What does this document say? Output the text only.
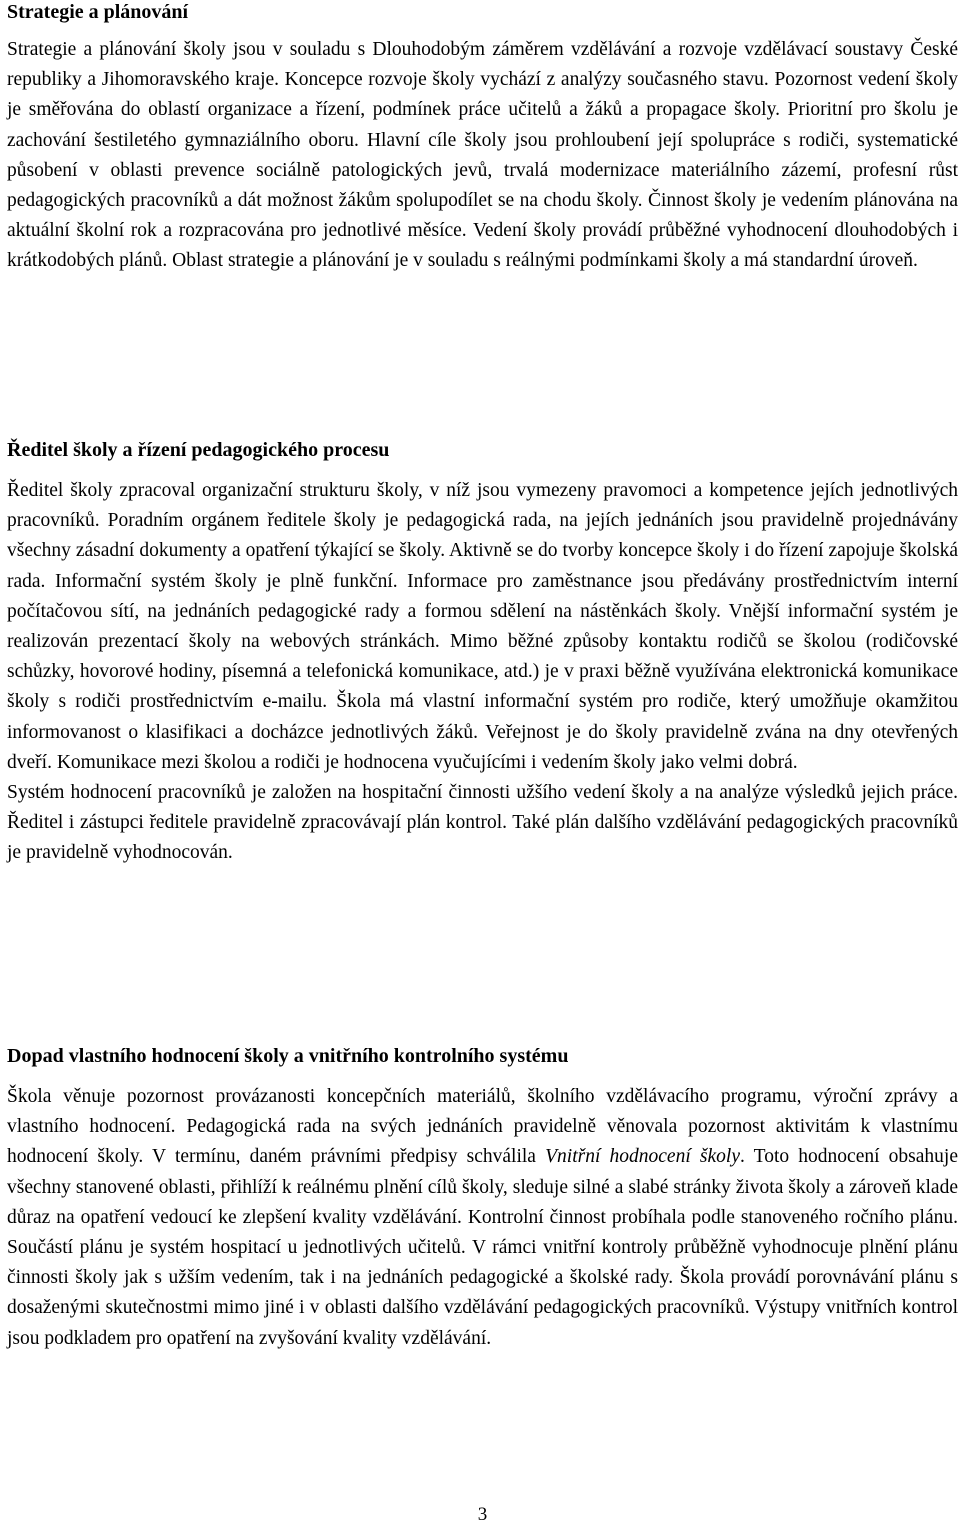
Strategie a plánování

Strategie a plánování školy jsou v souladu s Dlouhodobým záměrem vzdělávání a rozvoje vzdělávací soustavy České republiky a Jihomoravského kraje. Koncepce rozvoje školy vychází z analýzy současného stavu. Pozornost vedení školy je směřována do oblastí organizace a řízení, podmínek práce učitelů a žáků a propagace školy. Prioritní pro školu je zachování šestiletého gymnaziálního oboru. Hlavní cíle školy jsou prohloubení její spolupráce s rodiči, systematické působení v oblasti prevence sociálně patologických jevů, trvalá modernizace materiálního zázemí, profesní růst pedagogických pracovníků a dát možnost žákům spolupodílet se na chodu školy. Činnost školy je vedením plánována na aktuální školní rok a rozpracována pro jednotlivé měsíce. Vedení školy provádí průběžné vyhodnocení dlouhodobých i krátkodobých plánů. Oblast strategie a plánování je v souladu s reálnými podmínkami školy a má standardní úroveň.

Ředitel školy a řízení pedagogického procesu

Ředitel školy zpracoval organizační strukturu školy, v níž jsou vymezeny pravomoci a kompetence jejích jednotlivých pracovníků. Poradním orgánem ředitele školy je pedagogická rada, na jejích jednáních jsou pravidelně projednávány všechny zásadní dokumenty a opatření týkající se školy. Aktivně se do tvorby koncepce školy i do řízení zapojuje školská rada. Informační systém školy je plně funkční. Informace pro zaměstnance jsou předávány prostřednictvím interní počítačovou sítí, na jednáních pedagogické rady a formou sdělení na nástěnkách školy. Vnější informační systém je realizován prezentací školy na webových stránkách. Mimo běžné způsoby kontaktu rodičů se školou (rodičovské schůzky, hovorové hodiny, písemná a telefonická komunikace, atd.) je v praxi běžně využívána elektronická komunikace školy s rodiči prostřednictvím e-mailu. Škola má vlastní informační systém pro rodiče, který umožňuje okamžitou informovanost o klasifikaci a docházce jednotlivých žáků. Veřejnost je do školy pravidelně zvána na dny otevřených dveří. Komunikace mezi školou a rodiči je hodnocena vyučujícími i vedením školy jako velmi dobrá.

Systém hodnocení pracovníků je založen na hospitační činnosti užšího vedení školy a na analýze výsledků jejich práce. Ředitel i zástupci ředitele pravidelně zpracovávají plán kontrol. Také plán dalšího vzdělávání pedagogických pracovníků je pravidelně vyhodnocován.

Dopad vlastního hodnocení školy a vnitřního kontrolního systému

Škola věnuje pozornost provázanosti koncepčních materiálů, školního vzdělávacího programu, výroční zprávy a vlastního hodnocení. Pedagogická rada na svých jednáních pravidelně věnovala pozornost aktivitám k vlastnímu hodnocení školy. V termínu, daném právními předpisy schválila Vnitřní hodnocení školy. Toto hodnocení obsahuje všechny stanovené oblasti, přihlíží k reálnému plnění cílů školy, sleduje silné a slabé stránky života školy a zároveň klade důraz na opatření vedoucí ke zlepšení kvality vzdělávání. Kontrolní činnost probíhala podle stanoveného ročního plánu. Součástí plánu je systém hospitací u jednotlivých učitelů. V rámci vnitřní kontroly průběžně vyhodnocuje plnění plánu činnosti školy jak s užším vedením, tak i na jednáních pedagogické a školské rady. Škola provádí porovnávání plánu s dosaženými skutečnostmi mimo jiné i v oblasti dalšího vzdělávání pedagogických pracovníků. Výstupy vnitřních kontrol jsou podkladem pro opatření na zvyšování kvality vzdělávání.

3
